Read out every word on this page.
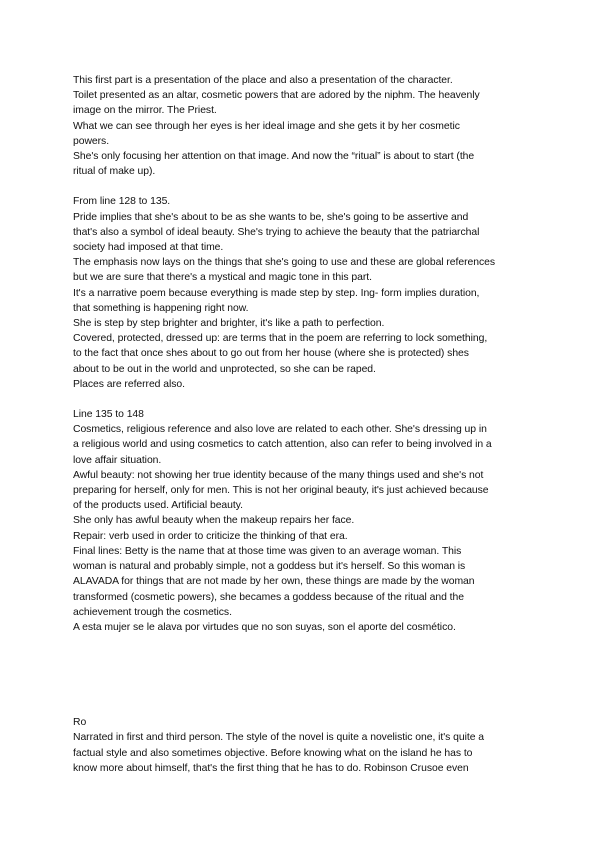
This first part is a presentation of the place and also a presentation of the character.
Toilet presented as an altar, cosmetic powers that are adored by the niphm. The heavenly
image on the mirror. The Priest.
What we can see through her eyes is her ideal image and she gets it by her cosmetic
powers.
She's only focusing her attention on that image. And now the “ritual” is about to start (the
ritual of make up).
From line 128 to 135.
Pride implies that she's about to be as she wants to be, she's going to be assertive and
that's also a symbol of ideal beauty. She's trying to achieve the beauty that the patriarchal
society had imposed at that time.
The emphasis now lays on the things that she's going to use and these are global references
but we are sure that there's a mystical and magic tone in this part.
It's a narrative poem because everything is made step by step. Ing- form implies duration,
that something is happening right now.
She is step by step brighter and brighter, it's like a path to perfection.
Covered, protected, dressed up: are terms that in the poem are referring to lock something,
to the fact that once shes about to go out from her house (where she is protected) shes
about to be out in the world and unprotected, so she can be raped.
Places are referred also.
Line 135 to 148
Cosmetics, religious reference and also love are related to each other. She's dressing up in
a religious world and using cosmetics to catch attention, also can refer to being involved in a
love affair situation.
Awful beauty: not showing her true identity because of the many things used and she's not
preparing for herself, only for men. This is not her original beauty, it's just achieved because
of the products used. Artificial beauty.
She only has awful beauty when the makeup repairs her face.
Repair: verb used in order to criticize the thinking of that era.
Final lines: Betty is the name that at those time was given to an average woman. This
woman is natural and probably simple, not a goddess but it's herself. So this woman is
ALAVADA for things that are not made by her own, these things are made by the woman
transformed (cosmetic powers), she becames a goddess because of the ritual and the
achievement trough the cosmetics.
A esta mujer se le alava por virtudes que no son suyas, son el aporte del cosmético.
Ro
Narrated in first and third person. The style of the novel is quite a novelistic one, it's quite a
factual style and also sometimes objective. Before knowing what on the island he has to
know more about himself, that's the first thing that he has to do. Robinson Crusoe even
